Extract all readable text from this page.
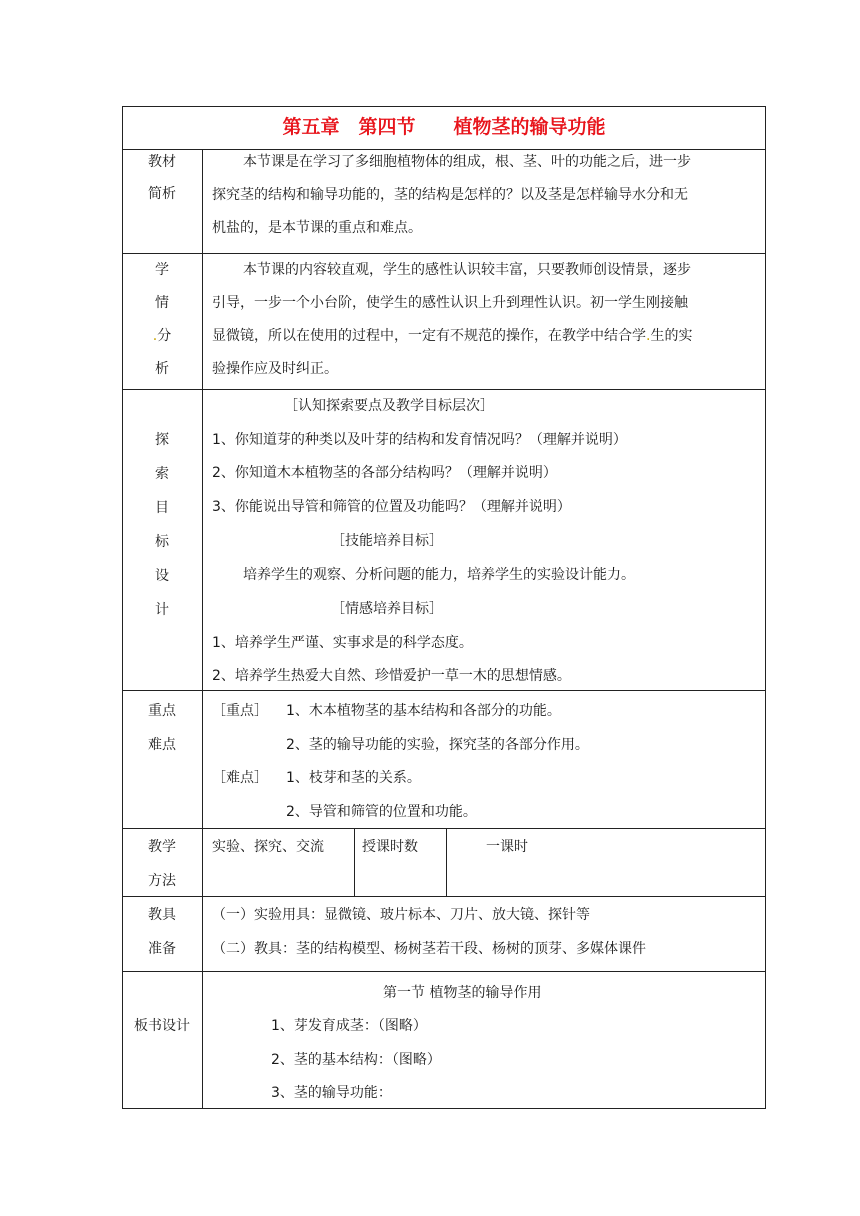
第五章　第四节　　植物茎的输导功能
教材
简析
本节课是在学习了多细胞植物体的组成，根、茎、叶的功能之后，进一步
探究茎的结构和输导功能的，茎的结构是怎样的？以及茎是怎样输导水分和无
机盐的，是本节课的重点和难点。
学
情
.分
析
本节课的内容较直观，学生的感性认识较丰富，只要教师创设情景，逐步
引导，一步一个小台阶，使学生的感性认识上升到理性认识。初一学生刚接触
显微镜，所以在使用的过程中，一定有不规范的操作，在教学中结合学.生的实
验操作应及时纠正。
探
索
目
标
设
计
［认知探索要点及教学目标层次］
1、你知道芽的种类以及叶芽的结构和发育情况吗？（理解并说明）
2、你知道木本植物茎的各部分结构吗？（理解并说明）
3、你能说出导管和筛管的位置及功能吗？（理解并说明）
［技能培养目标］
培养学生的观察、分析问题的能力，培养学生的实验设计能力。
［情感培养目标］
1、培养学生严谨、实事求是的科学态度。
2、培养学生热爱大自然、珍惜爱护一草一木的思想情感。
重点
难点
［重点］ 1、木本植物茎的基本结构和各部分的功能。
2、茎的输导功能的实验，探究茎的各部分作用。
［难点］ 1、枝芽和茎的关系。
2、导管和筛管的位置和功能。
教学
方法
实验、探究、交流	授课时数	一课时
教具
准备
（一）实验用具：显微镜、玻片标本、刀片、放大镜、探针等
（二）教具：茎的结构模型、杨树茎若干段、杨树的顶芽、多媒体课件
板书设计
第一节 植物茎的输导作用
1、芽发育成茎：（图略）
2、茎的基本结构：（图略）
3、茎的输导功能：
